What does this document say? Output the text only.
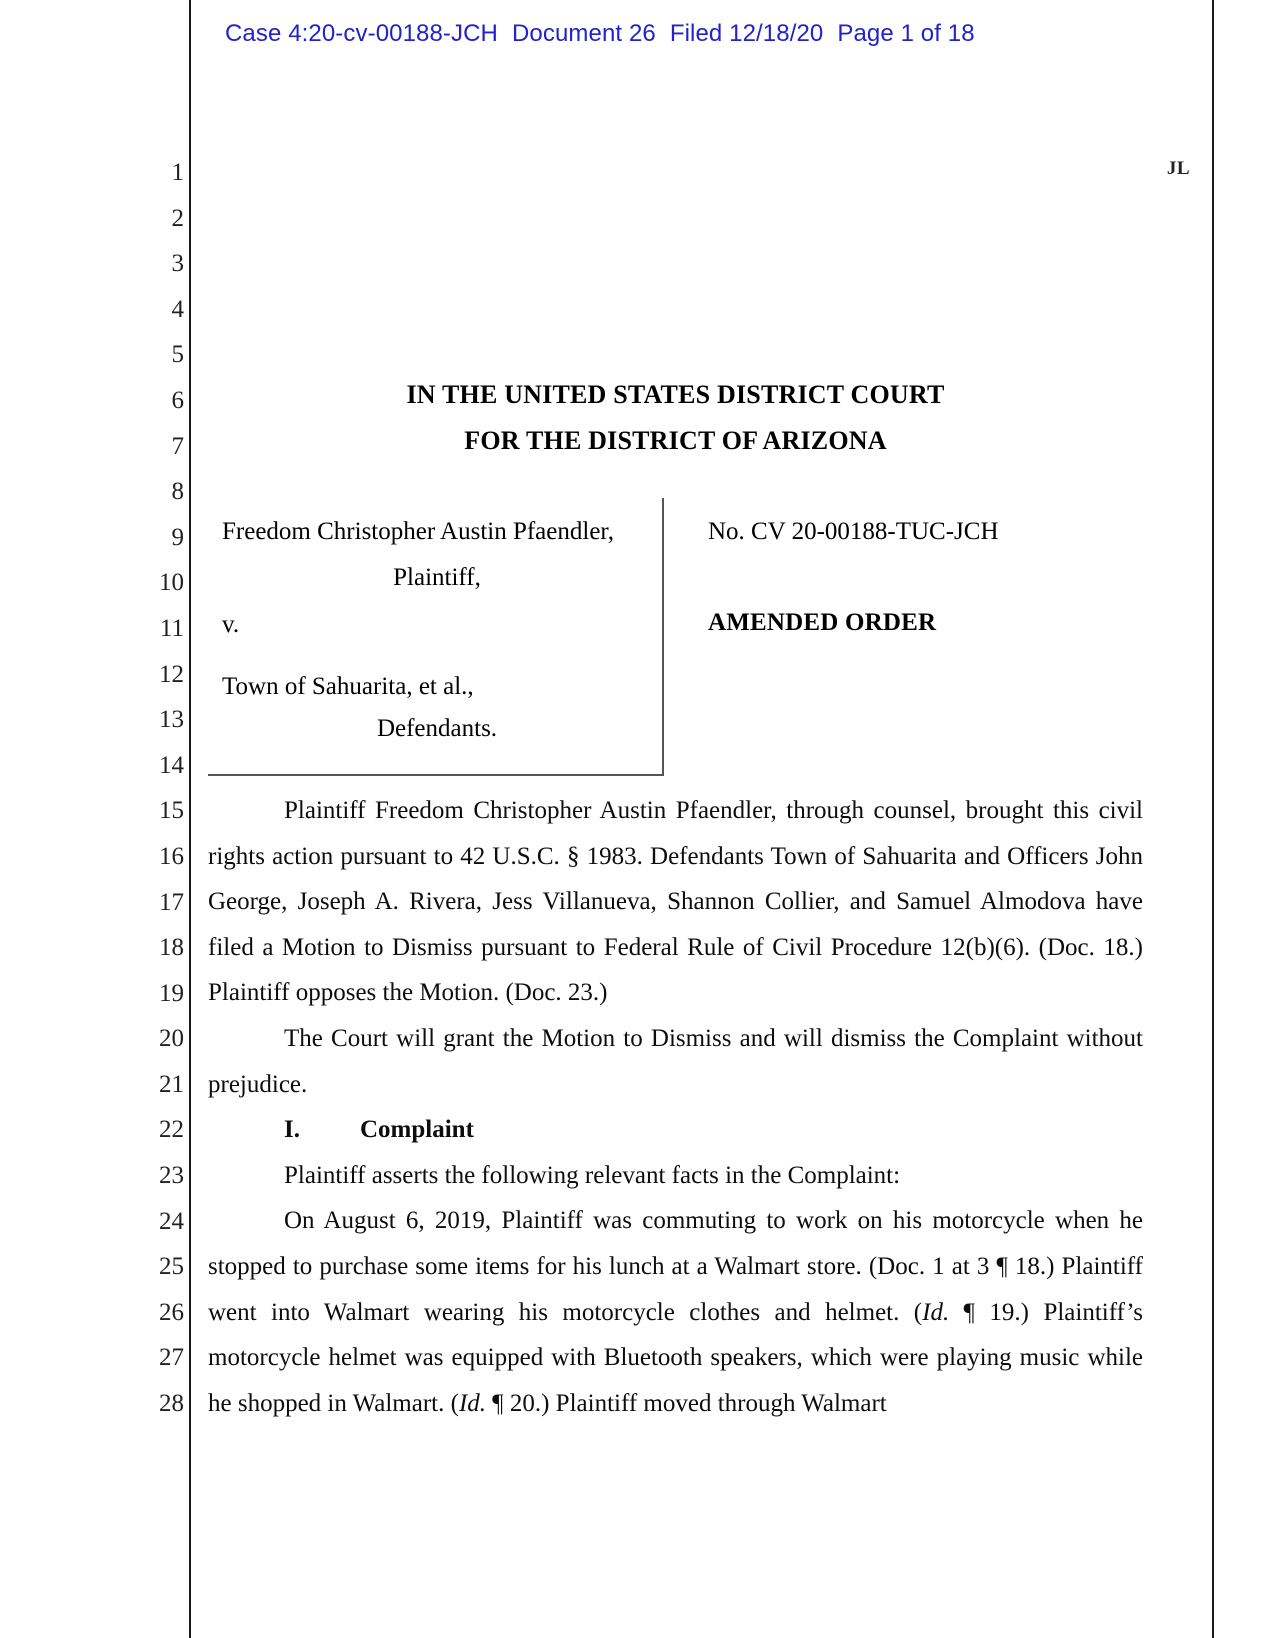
Case 4:20-cv-00188-JCH Document 26 Filed 12/18/20 Page 1 of 18
JL
1
2
3
4
5
6
7
8
9
10
11
12
13
14
15
16
17
18
19
20
21
22
23
24
25
26
27
28
IN THE UNITED STATES DISTRICT COURT
FOR THE DISTRICT OF ARIZONA
Freedom Christopher Austin Pfaendler,
Plaintiff,
v.
Town of Sahuarita, et al.,
Defendants.
No. CV 20-00188-TUC-JCH
AMENDED ORDER

Plaintiff Freedom Christopher Austin Pfaendler, through counsel, brought this civil rights action pursuant to 42 U.S.C. § 1983. Defendants Town of Sahuarita and Officers John George, Joseph A. Rivera, Jess Villanueva, Shannon Collier, and Samuel Almodova have filed a Motion to Dismiss pursuant to Federal Rule of Civil Procedure 12(b)(6). (Doc. 18.) Plaintiff opposes the Motion. (Doc. 23.)

The Court will grant the Motion to Dismiss and will dismiss the Complaint without prejudice.

I.	Complaint

Plaintiff asserts the following relevant facts in the Complaint:

On August 6, 2019, Plaintiff was commuting to work on his motorcycle when he stopped to purchase some items for his lunch at a Walmart store. (Doc. 1 at 3 ¶ 18.) Plaintiff went into Walmart wearing his motorcycle clothes and helmet. (Id. ¶ 19.) Plaintiff’s motorcycle helmet was equipped with Bluetooth speakers, which were playing music while he shopped in Walmart. (Id. ¶ 20.) Plaintiff moved through Walmart
